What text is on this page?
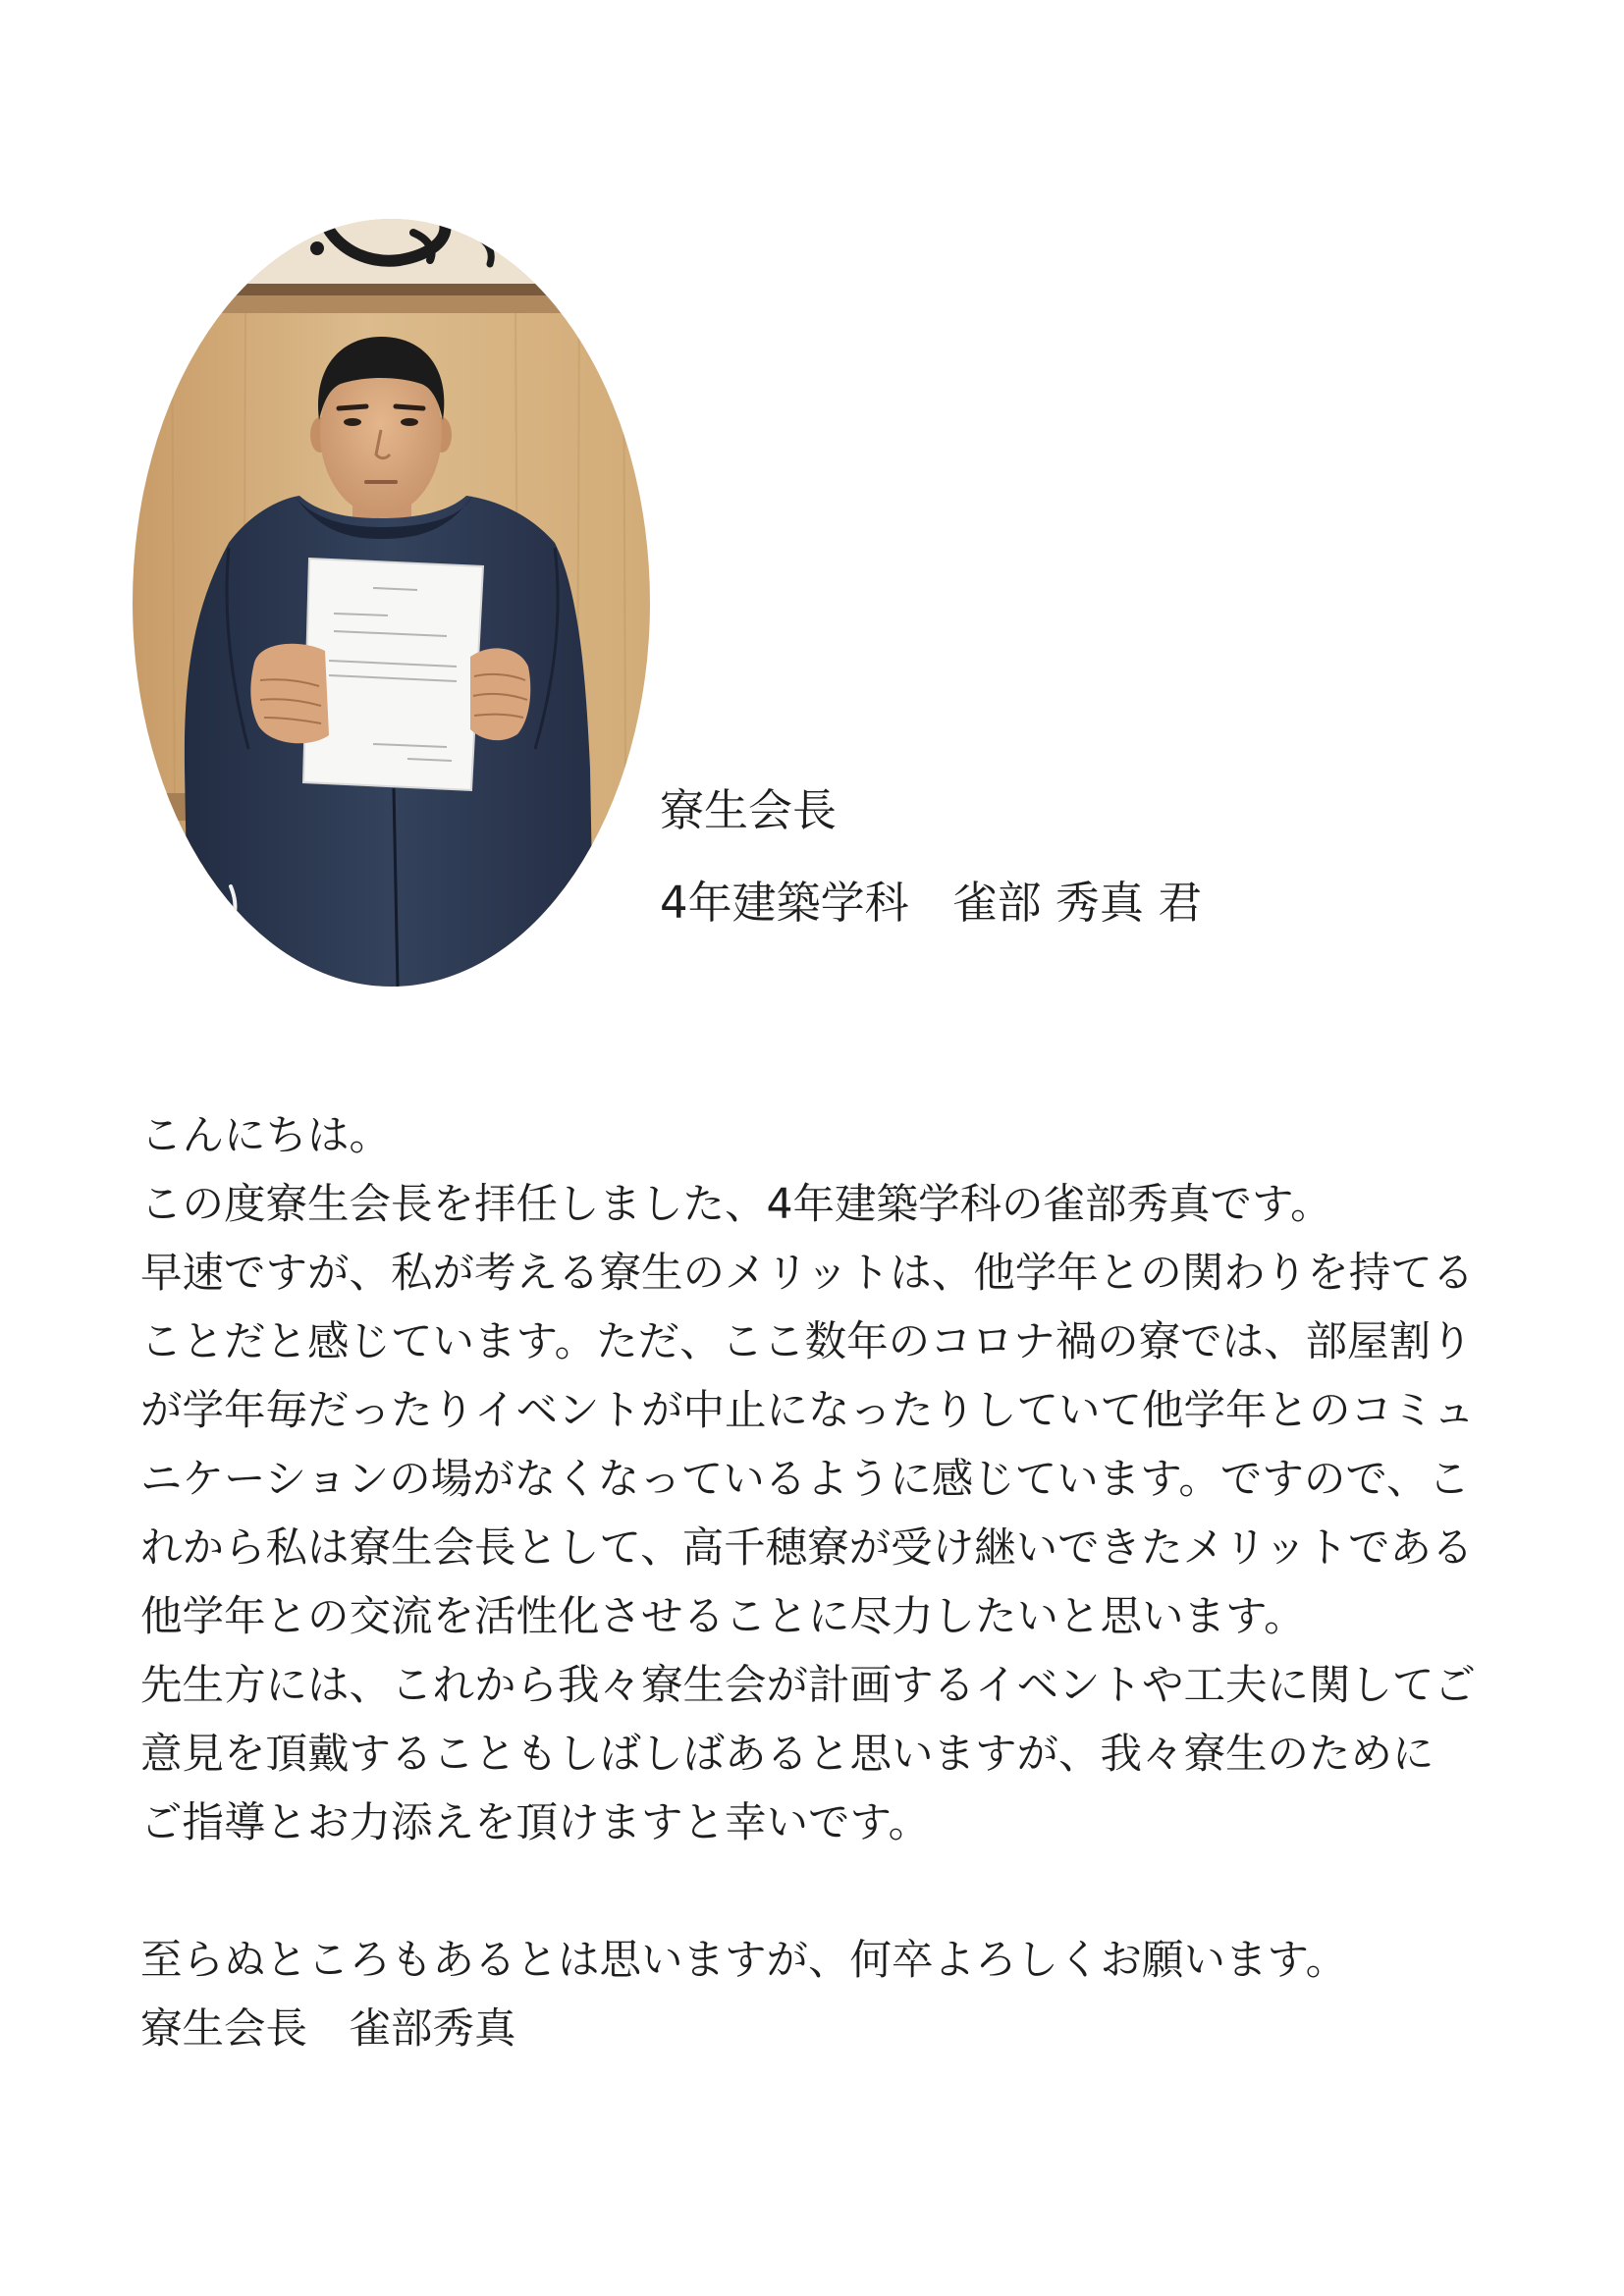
寮生会長
4年建築学科　雀部 秀真 君
こんにちは。
この度寮生会長を拝任しました、4年建築学科の雀部秀真です。
早速ですが、私が考える寮生のメリットは、他学年との関わりを持てる
ことだと感じています。ただ、ここ数年のコロナ禍の寮では、部屋割り
が学年毎だったりイベントが中止になったりしていて他学年とのコミュ
ニケーションの場がなくなっているように感じています。ですので、こ
れから私は寮生会長として、高千穂寮が受け継いできたメリットである
他学年との交流を活性化させることに尽力したいと思います。
先生方には、これから我々寮生会が計画するイベントや工夫に関してご
意見を頂戴することもしばしばあると思いますが、我々寮生のために
ご指導とお力添えを頂けますと幸いです。
至らぬところもあるとは思いますが、何卒よろしくお願います。
寮生会長　雀部秀真
